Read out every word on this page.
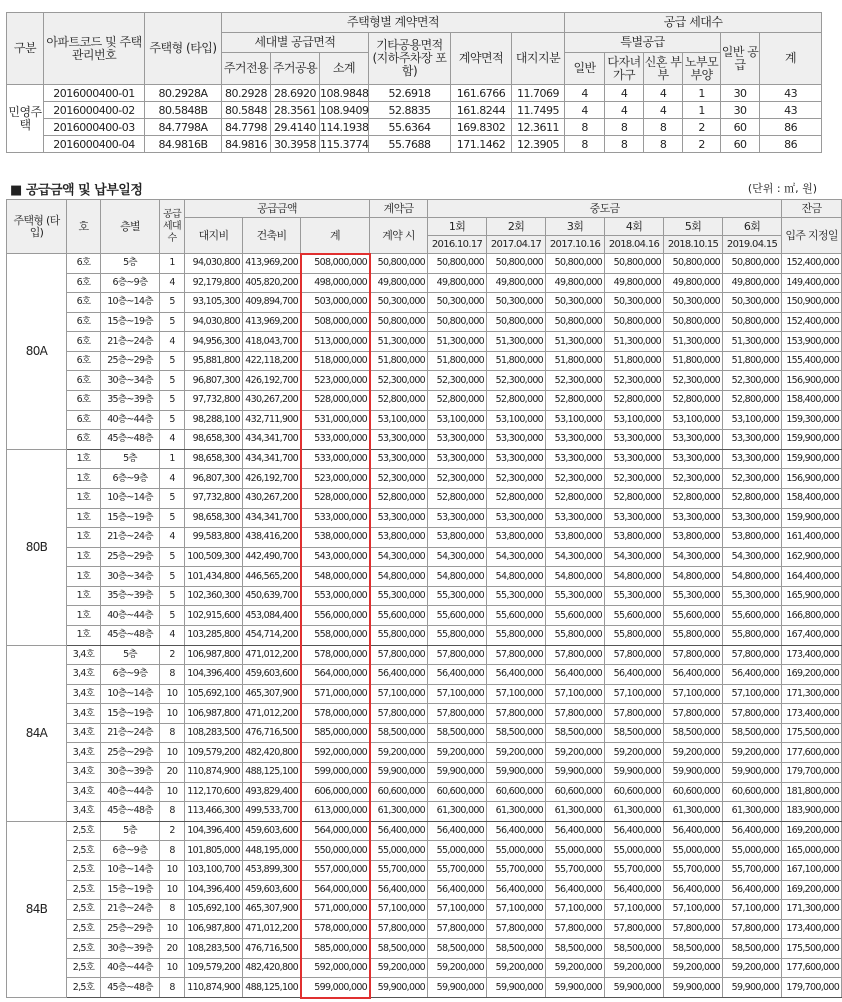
구분	아파트코드 및 주택관리번호	주택형 (타입)	주택형별 계약면적						공급 세대수					
			세대별 공급면적			기타공용면적 (지하주차장 포함)	계약면적	대지지분	특별공급				일반 공급	계
			주거전용	주거공용	소계				일반	다자녀 가구	신혼 부부	노부모 부양		
민영주택	2016000400-01	80.2928A	80.2928	28.6920	108.9848	52.6918	161.6766	11.7069	4	4	4	1	30	43
	2016000400-02	80.5848B	80.5848	28.3561	108.9409	52.8835	161.8244	11.7495	4	4	4	1	30	43
	2016000400-03	84.7798A	84.7798	29.4140	114.1938	55.6364	169.8302	12.3611	8	8	8	2	60	86
	2016000400-04	84.9816B	84.9816	30.3958	115.3774	55.7688	171.1462	12.3905	8	8	8	2	60	86
■ 공급금액 및 납부일정	(단위 : ㎡, 원)
주택형 (타입)	호	층별	공급 세대 수	공급금액			계약금	중도금						잔금
				대지비	건축비	계	계약 시	1회	2회	3회	4회	5회	6회	입주 지정일
								2016.10.17	2017.04.17	2017.10.16	2018.04.16	2018.10.15	2019.04.15	
80A	6호	5층	1	94,030,800	413,969,200	508,000,000	50,800,000	50,800,000	50,800,000	50,800,000	50,800,000	50,800,000	50,800,000	152,400,000
	6호	6층~9층	4	92,179,800	405,820,200	498,000,000	49,800,000	49,800,000	49,800,000	49,800,000	49,800,000	49,800,000	49,800,000	149,400,000
	6호	10층~14층	5	93,105,300	409,894,700	503,000,000	50,300,000	50,300,000	50,300,000	50,300,000	50,300,000	50,300,000	50,300,000	150,900,000
	6호	15층~19층	5	94,030,800	413,969,200	508,000,000	50,800,000	50,800,000	50,800,000	50,800,000	50,800,000	50,800,000	50,800,000	152,400,000
	6호	21층~24층	4	94,956,300	418,043,700	513,000,000	51,300,000	51,300,000	51,300,000	51,300,000	51,300,000	51,300,000	51,300,000	153,900,000
	6호	25층~29층	5	95,881,800	422,118,200	518,000,000	51,800,000	51,800,000	51,800,000	51,800,000	51,800,000	51,800,000	51,800,000	155,400,000
	6호	30층~34층	5	96,807,300	426,192,700	523,000,000	52,300,000	52,300,000	52,300,000	52,300,000	52,300,000	52,300,000	52,300,000	156,900,000
	6호	35층~39층	5	97,732,800	430,267,200	528,000,000	52,800,000	52,800,000	52,800,000	52,800,000	52,800,000	52,800,000	52,800,000	158,400,000
	6호	40층~44층	5	98,288,100	432,711,900	531,000,000	53,100,000	53,100,000	53,100,000	53,100,000	53,100,000	53,100,000	53,100,000	159,300,000
	6호	45층~48층	4	98,658,300	434,341,700	533,000,000	53,300,000	53,300,000	53,300,000	53,300,000	53,300,000	53,300,000	53,300,000	159,900,000
80B	1호	5층	1	98,658,300	434,341,700	533,000,000	53,300,000	53,300,000	53,300,000	53,300,000	53,300,000	53,300,000	53,300,000	159,900,000
	1호	6층~9층	4	96,807,300	426,192,700	523,000,000	52,300,000	52,300,000	52,300,000	52,300,000	52,300,000	52,300,000	52,300,000	156,900,000
	1호	10층~14층	5	97,732,800	430,267,200	528,000,000	52,800,000	52,800,000	52,800,000	52,800,000	52,800,000	52,800,000	52,800,000	158,400,000
	1호	15층~19층	5	98,658,300	434,341,700	533,000,000	53,300,000	53,300,000	53,300,000	53,300,000	53,300,000	53,300,000	53,300,000	159,900,000
	1호	21층~24층	4	99,583,800	438,416,200	538,000,000	53,800,000	53,800,000	53,800,000	53,800,000	53,800,000	53,800,000	53,800,000	161,400,000
	1호	25층~29층	5	100,509,300	442,490,700	543,000,000	54,300,000	54,300,000	54,300,000	54,300,000	54,300,000	54,300,000	54,300,000	162,900,000
	1호	30층~34층	5	101,434,800	446,565,200	548,000,000	54,800,000	54,800,000	54,800,000	54,800,000	54,800,000	54,800,000	54,800,000	164,400,000
	1호	35층~39층	5	102,360,300	450,639,700	553,000,000	55,300,000	55,300,000	55,300,000	55,300,000	55,300,000	55,300,000	55,300,000	165,900,000
	1호	40층~44층	5	102,915,600	453,084,400	556,000,000	55,600,000	55,600,000	55,600,000	55,600,000	55,600,000	55,600,000	55,600,000	166,800,000
	1호	45층~48층	4	103,285,800	454,714,200	558,000,000	55,800,000	55,800,000	55,800,000	55,800,000	55,800,000	55,800,000	55,800,000	167,400,000
84A	3,4호	5층	2	106,987,800	471,012,200	578,000,000	57,800,000	57,800,000	57,800,000	57,800,000	57,800,000	57,800,000	57,800,000	173,400,000
	3,4호	6층~9층	8	104,396,400	459,603,600	564,000,000	56,400,000	56,400,000	56,400,000	56,400,000	56,400,000	56,400,000	56,400,000	169,200,000
	3,4호	10층~14층	10	105,692,100	465,307,900	571,000,000	57,100,000	57,100,000	57,100,000	57,100,000	57,100,000	57,100,000	57,100,000	171,300,000
	3,4호	15층~19층	10	106,987,800	471,012,200	578,000,000	57,800,000	57,800,000	57,800,000	57,800,000	57,800,000	57,800,000	57,800,000	173,400,000
	3,4호	21층~24층	8	108,283,500	476,716,500	585,000,000	58,500,000	58,500,000	58,500,000	58,500,000	58,500,000	58,500,000	58,500,000	175,500,000
	3,4호	25층~29층	10	109,579,200	482,420,800	592,000,000	59,200,000	59,200,000	59,200,000	59,200,000	59,200,000	59,200,000	59,200,000	177,600,000
	3,4호	30층~39층	20	110,874,900	488,125,100	599,000,000	59,900,000	59,900,000	59,900,000	59,900,000	59,900,000	59,900,000	59,900,000	179,700,000
	3,4호	40층~44층	10	112,170,600	493,829,400	606,000,000	60,600,000	60,600,000	60,600,000	60,600,000	60,600,000	60,600,000	60,600,000	181,800,000
	3,4호	45층~48층	8	113,466,300	499,533,700	613,000,000	61,300,000	61,300,000	61,300,000	61,300,000	61,300,000	61,300,000	61,300,000	183,900,000
84B	2,5호	5층	2	104,396,400	459,603,600	564,000,000	56,400,000	56,400,000	56,400,000	56,400,000	56,400,000	56,400,000	56,400,000	169,200,000
	2,5호	6층~9층	8	101,805,000	448,195,000	550,000,000	55,000,000	55,000,000	55,000,000	55,000,000	55,000,000	55,000,000	55,000,000	165,000,000
	2,5호	10층~14층	10	103,100,700	453,899,300	557,000,000	55,700,000	55,700,000	55,700,000	55,700,000	55,700,000	55,700,000	55,700,000	167,100,000
	2,5호	15층~19층	10	104,396,400	459,603,600	564,000,000	56,400,000	56,400,000	56,400,000	56,400,000	56,400,000	56,400,000	56,400,000	169,200,000
	2,5호	21층~24층	8	105,692,100	465,307,900	571,000,000	57,100,000	57,100,000	57,100,000	57,100,000	57,100,000	57,100,000	57,100,000	171,300,000
	2,5호	25층~29층	10	106,987,800	471,012,200	578,000,000	57,800,000	57,800,000	57,800,000	57,800,000	57,800,000	57,800,000	57,800,000	173,400,000
	2,5호	30층~39층	20	108,283,500	476,716,500	585,000,000	58,500,000	58,500,000	58,500,000	58,500,000	58,500,000	58,500,000	58,500,000	175,500,000
	2,5호	40층~44층	10	109,579,200	482,420,800	592,000,000	59,200,000	59,200,000	59,200,000	59,200,000	59,200,000	59,200,000	59,200,000	177,600,000
	2,5호	45층~48층	8	110,874,900	488,125,100	599,000,000	59,900,000	59,900,000	59,900,000	59,900,000	59,900,000	59,900,000	59,900,000	179,700,000
